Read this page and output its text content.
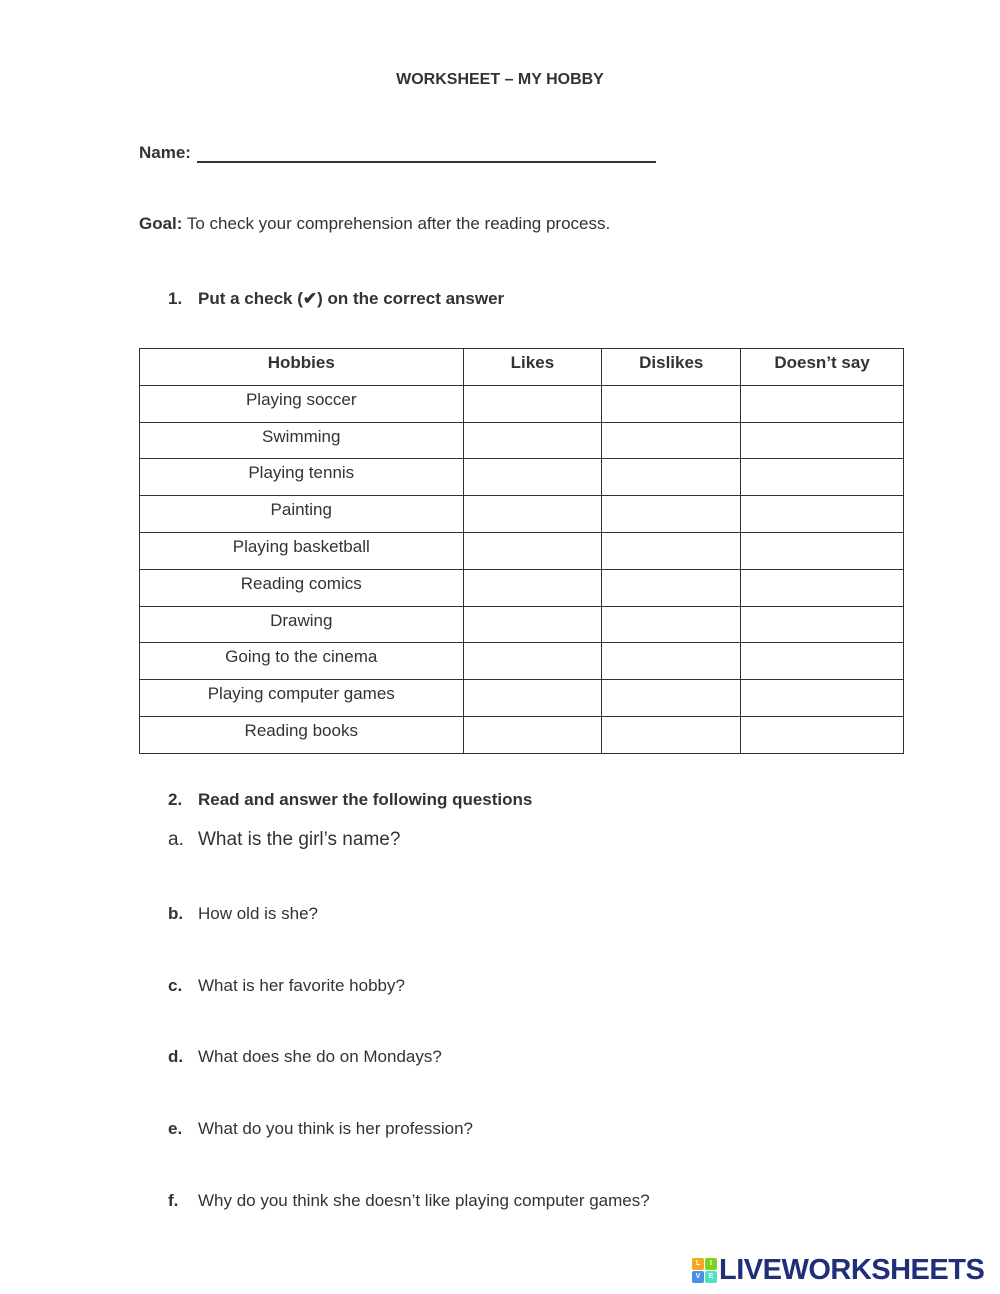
WORKSHEET – MY HOBBY
Name:
Goal: To check your comprehension after the reading process.
1. Put a check (✔) on the correct answer
Hobbies	Likes	Dislikes	Doesn’t say
Playing soccer			
Swimming			
Playing tennis			
Painting			
Playing basketball			
Reading comics			
Drawing			
Going to the cinema			
Playing computer games			
Reading books			
2. Read and answer the following questions
a. What is the girl’s name?
b. How old is she?
c. What is her favorite hobby?
d. What does she do on Mondays?
e. What do you think is her profession?
f.	Why do you think she doesn’t like playing computer games?
L	I
V	E LIVEWORKSHEETS
